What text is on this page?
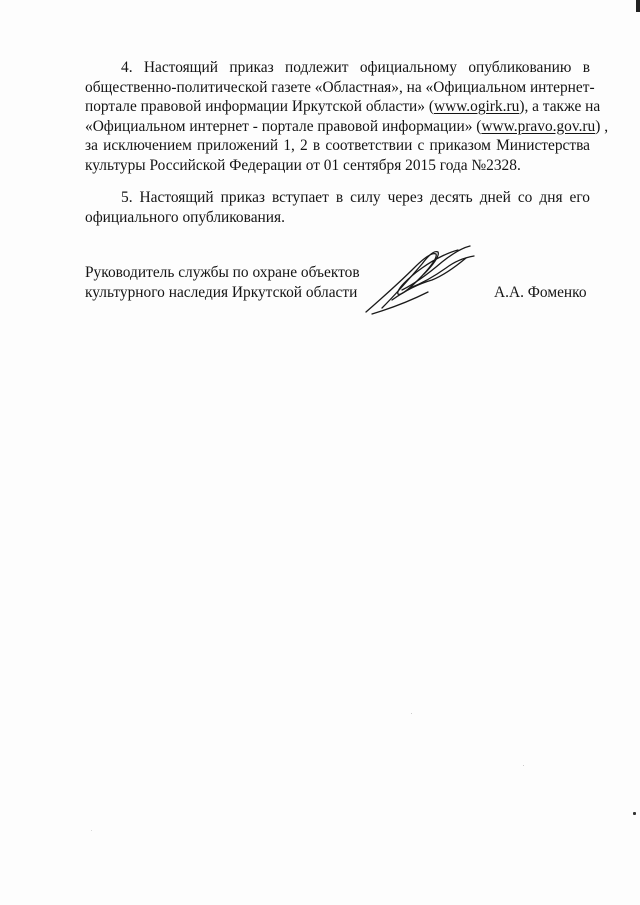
4. Настоящий приказ подлежит официальному опубликованию в
общественно-политической газете «Областная», на «Официальном интернет-
портале правовой информации Иркутской области» (www.ogirk.ru), а также на
«Официальном интернет - портале правовой информации» (www.pravo.gov.ru) ,
за исключением приложений 1, 2 в соответствии с приказом Министерства
культуры Российской Федерации от 01 сентября 2015 года №2328.

5. Настоящий приказ вступает в силу через десять дней со дня его
официального опубликования.

Руководитель службы по охране объектов
культурного наследия Иркутской области	А.А. Фоменко
